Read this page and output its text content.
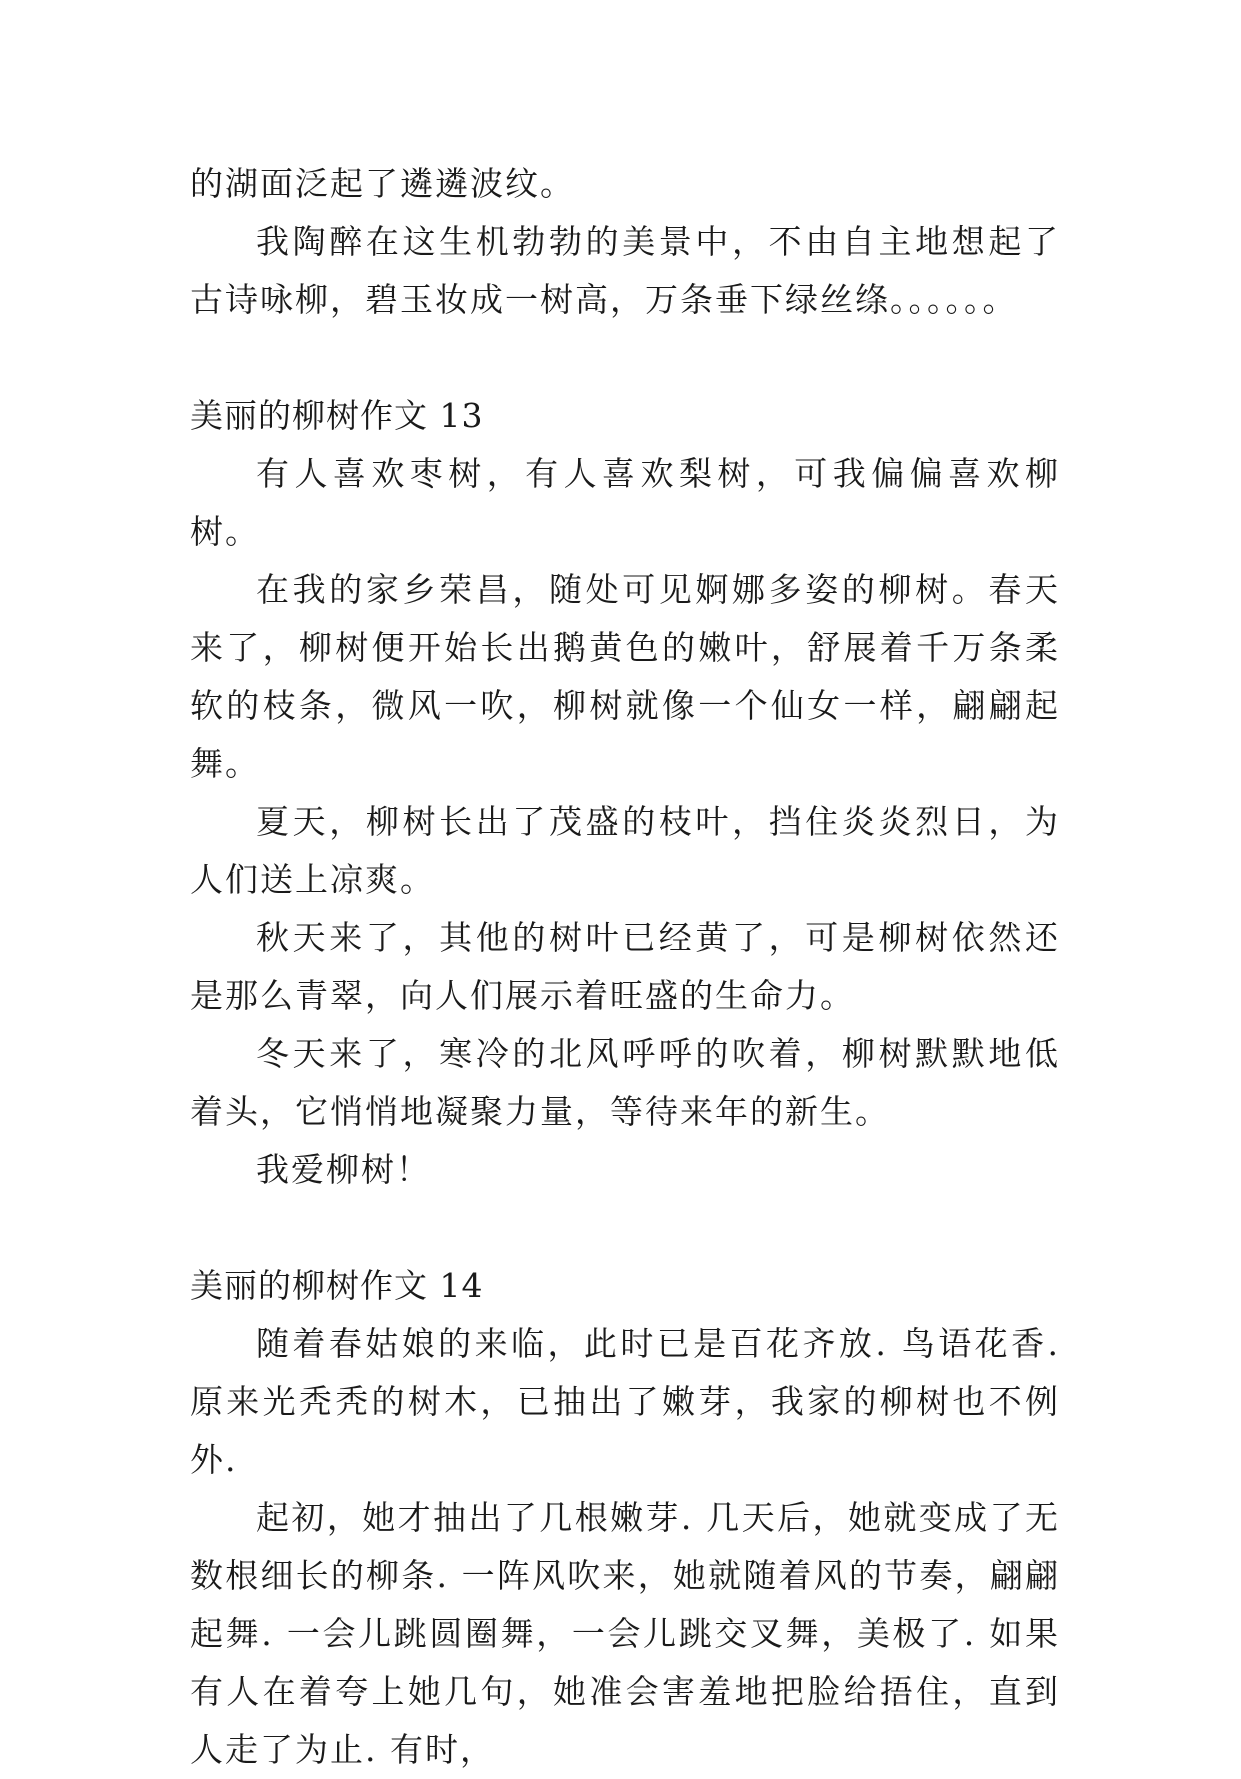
的湖面泛起了遴遴波纹。

我陶醉在这生机勃勃的美景中，不由自主地想起了古诗咏柳，碧玉妆成一树高，万条垂下绿丝绦。。。。。。

美丽的柳树作文 13

有人喜欢枣树，有人喜欢梨树，可我偏偏喜欢柳树。

在我的家乡荣昌，随处可见婀娜多姿的柳树。春天来了，柳树便开始长出鹅黄色的嫩叶，舒展着千万条柔软的枝条，微风一吹，柳树就像一个仙女一样，翩翩起舞。

夏天，柳树长出了茂盛的枝叶，挡住炎炎烈日，为人们送上凉爽。

秋天来了，其他的树叶已经黄了，可是柳树依然还是那么青翠，向人们展示着旺盛的生命力。

冬天来了，寒冷的北风呼呼的吹着，柳树默默地低着头，它悄悄地凝聚力量，等待来年的新生。

我爱柳树！

美丽的柳树作文 14

随着春姑娘的来临，此时已是百花齐放. 鸟语花香. 原来光秃秃的树木，已抽出了嫩芽，我家的柳树也不例外.

起初，她才抽出了几根嫩芽. 几天后，她就变成了无数根细长的柳条. 一阵风吹来，她就随着风的节奏，翩翩起舞. 一会儿跳圆圈舞，一会儿跳交叉舞，美极了. 如果有人在着夸上她几句，她准会害羞地把脸给捂住，直到人走了为止. 有时，
